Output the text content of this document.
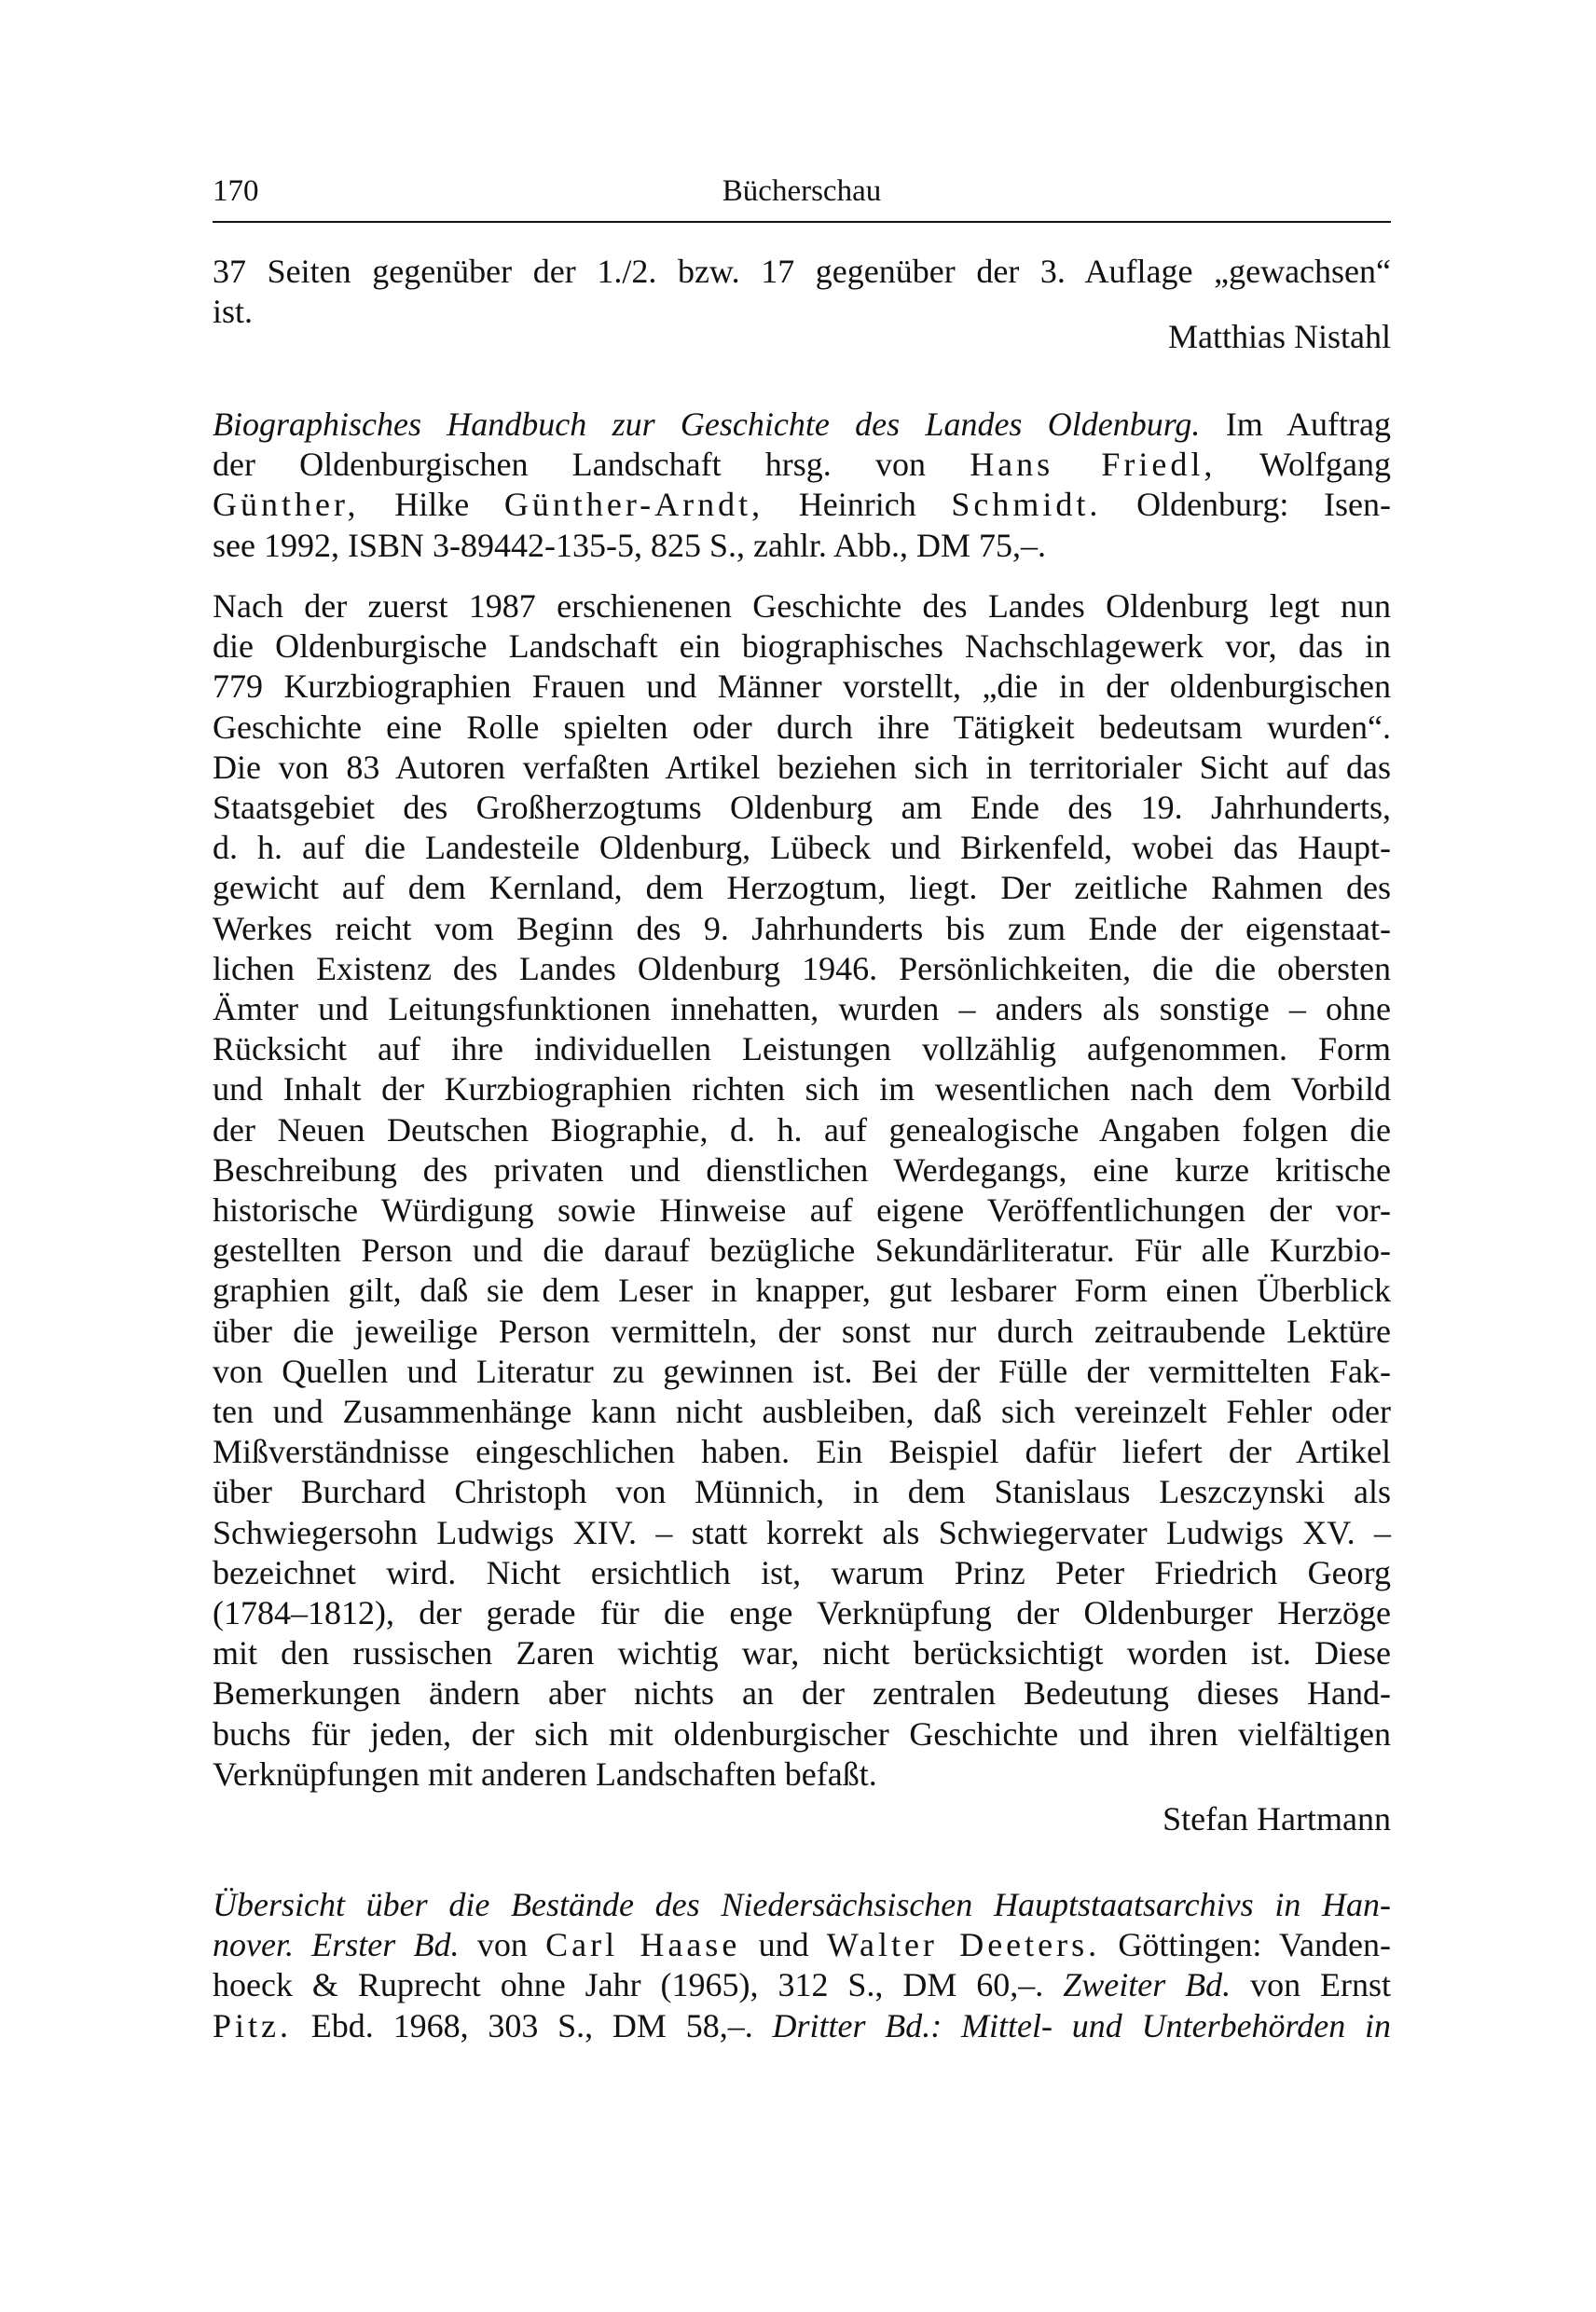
170	Bücherschau
37 Seiten gegenüber der 1./2. bzw. 17 gegenüber der 3. Auflage „gewachsen“
ist.
Matthias Nistahl
Biographisches Handbuch zur Geschichte des Landes Oldenburg. Im Auftrag
der Oldenburgischen Landschaft hrsg. von Hans Friedl, Wolfgang
Günther, Hilke Günther-Arndt, Heinrich Schmidt. Oldenburg: Isen-
see 1992, ISBN 3-89442-135-5, 825 S., zahlr. Abb., DM 75,–.
Nach der zuerst 1987 erschienenen Geschichte des Landes Oldenburg legt nun
die Oldenburgische Landschaft ein biographisches Nachschlagewerk vor, das in
779 Kurzbiographien Frauen und Männer vorstellt, „die in der oldenburgischen
Geschichte eine Rolle spielten oder durch ihre Tätigkeit bedeutsam wurden“.
Die von 83 Autoren verfaßten Artikel beziehen sich in territorialer Sicht auf das
Staatsgebiet des Großherzogtums Oldenburg am Ende des 19. Jahrhunderts,
d. h. auf die Landesteile Oldenburg, Lübeck und Birkenfeld, wobei das Haupt-
gewicht auf dem Kernland, dem Herzogtum, liegt. Der zeitliche Rahmen des
Werkes reicht vom Beginn des 9. Jahrhunderts bis zum Ende der eigenstaat-
lichen Existenz des Landes Oldenburg 1946. Persönlichkeiten, die die obersten
Ämter und Leitungsfunktionen innehatten, wurden – anders als sonstige – ohne
Rücksicht auf ihre individuellen Leistungen vollzählig aufgenommen. Form
und Inhalt der Kurzbiographien richten sich im wesentlichen nach dem Vorbild
der Neuen Deutschen Biographie, d. h. auf genealogische Angaben folgen die
Beschreibung des privaten und dienstlichen Werdegangs, eine kurze kritische
historische Würdigung sowie Hinweise auf eigene Veröffentlichungen der vor-
gestellten Person und die darauf bezügliche Sekundärliteratur. Für alle Kurzbio-
graphien gilt, daß sie dem Leser in knapper, gut lesbarer Form einen Überblick
über die jeweilige Person vermitteln, der sonst nur durch zeitraubende Lektüre
von Quellen und Literatur zu gewinnen ist. Bei der Fülle der vermittelten Fak-
ten und Zusammenhänge kann nicht ausbleiben, daß sich vereinzelt Fehler oder
Mißverständnisse eingeschlichen haben. Ein Beispiel dafür liefert der Artikel
über Burchard Christoph von Münnich, in dem Stanislaus Leszczynski als
Schwiegersohn Ludwigs XIV. – statt korrekt als Schwiegervater Ludwigs XV. –
bezeichnet wird. Nicht ersichtlich ist, warum Prinz Peter Friedrich Georg
(1784–1812), der gerade für die enge Verknüpfung der Oldenburger Herzöge
mit den russischen Zaren wichtig war, nicht berücksichtigt worden ist. Diese
Bemerkungen ändern aber nichts an der zentralen Bedeutung dieses Hand-
buchs für jeden, der sich mit oldenburgischer Geschichte und ihren vielfältigen
Verknüpfungen mit anderen Landschaften befaßt.
Stefan Hartmann
Übersicht über die Bestände des Niedersächsischen Hauptstaatsarchivs in Han-
nover. Erster Bd. von Carl Haase und Walter Deeters. Göttingen: Vanden-
hoeck & Ruprecht ohne Jahr (1965), 312 S., DM 60,–. Zweiter Bd. von Ernst
Pitz. Ebd. 1968, 303 S., DM 58,–. Dritter Bd.: Mittel- und Unterbehörden in
